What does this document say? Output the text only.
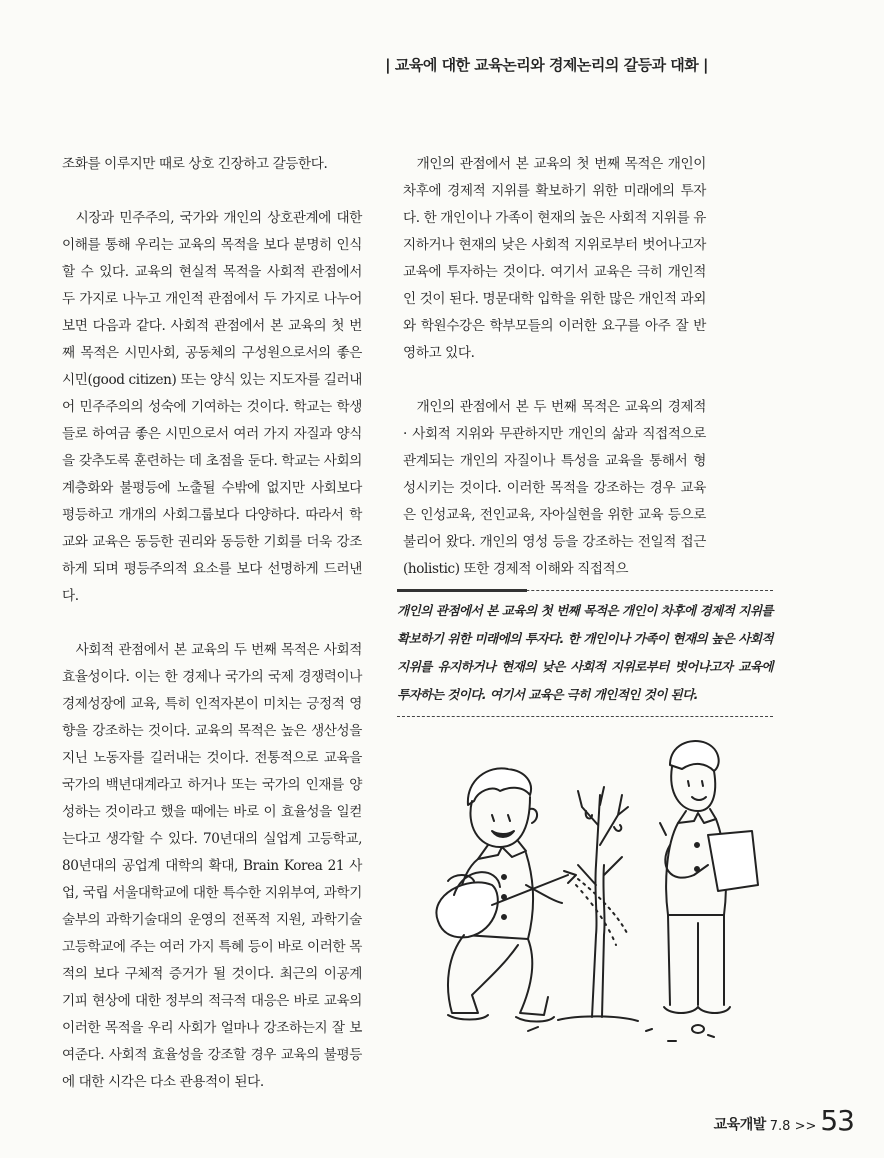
| 교육에 대한 교육논리와 경제논리의 갈등과 대화 |

조화를 이루지만 때로 상호 긴장하고 갈등한다.

시장과 민주주의, 국가와 개인의 상호관계에 대한 이해를 통해 우리는 교육의 목적을 보다 분명히 인식할 수 있다. 교육의 현실적 목적을 사회적 관점에서 두 가지로 나누고 개인적 관점에서 두 가지로 나누어 보면 다음과 같다. 사회적 관점에서 본 교육의 첫 번째 목적은 시민사회, 공동체의 구성원으로서의 좋은 시민(good citizen) 또는 양식 있는 지도자를 길러내어 민주주의의 성숙에 기여하는 것이다. 학교는 학생들로 하여금 좋은 시민으로서 여러 가지 자질과 양식을 갖추도록 훈련하는 데 초점을 둔다. 학교는 사회의 계층화와 불평등에 노출될 수밖에 없지만 사회보다 평등하고 개개의 사회그룹보다 다양하다. 따라서 학교와 교육은 동등한 권리와 동등한 기회를 더욱 강조하게 되며 평등주의적 요소를 보다 선명하게 드러낸다.

사회적 관점에서 본 교육의 두 번째 목적은 사회적 효율성이다. 이는 한 경제나 국가의 국제 경쟁력이나 경제성장에 교육, 특히 인적자본이 미치는 긍정적 영향을 강조하는 것이다. 교육의 목적은 높은 생산성을 지닌 노동자를 길러내는 것이다. 전통적으로 교육을 국가의 백년대계라고 하거나 또는 국가의 인재를 양성하는 것이라고 했을 때에는 바로 이 효율성을 일컫는다고 생각할 수 있다. 70년대의 실업계 고등학교, 80년대의 공업계 대학의 확대, Brain Korea 21 사업, 국립 서울대학교에 대한 특수한 지위부여, 과학기술부의 과학기술대의 운영의 전폭적 지원, 과학기술고등학교에 주는 여러 가지 특혜 등이 바로 이러한 목적의 보다 구체적 증거가 될 것이다. 최근의 이공계 기피 현상에 대한 정부의 적극적 대응은 바로 교육의 이러한 목적을 우리 사회가 얼마나 강조하는지 잘 보여준다. 사회적 효율성을 강조할 경우 교육의 불평등에 대한 시각은 다소 관용적이 된다.

개인의 관점에서 본 교육의 첫 번째 목적은 개인이 차후에 경제적 지위를 확보하기 위한 미래에의 투자다. 한 개인이나 가족이 현재의 높은 사회적 지위를 유지하거나 현재의 낮은 사회적 지위로부터 벗어나고자 교육에 투자하는 것이다. 여기서 교육은 극히 개인적인 것이 된다. 명문대학 입학을 위한 많은 개인적 과외와 학원수강은 학부모들의 이러한 요구를 아주 잘 반영하고 있다.

개인의 관점에서 본 두 번째 목적은 교육의 경제적 · 사회적 지위와 무관하지만 개인의 삶과 직접적으로 관계되는 개인의 자질이나 특성을 교육을 통해서 형성시키는 것이다. 이러한 목적을 강조하는 경우 교육은 인성교육, 전인교육, 자아실현을 위한 교육 등으로 불리어 왔다. 개인의 영성 등을 강조하는 전일적 접근(holistic) 또한 경제적 이해와 직접적으

개인의 관점에서 본 교육의 첫 번째 목적은 개인이 차후에 경제적 지위를 확보하기 위한 미래에의 투자다. 한 개인이나 가족이 현재의 높은 사회적 지위를 유지하거나 현재의 낮은 사회적 지위로부터 벗어나고자 교육에 투자하는 것이다. 여기서 교육은 극히 개인적인 것이 된다.

교육개발 7.8 >> 53
